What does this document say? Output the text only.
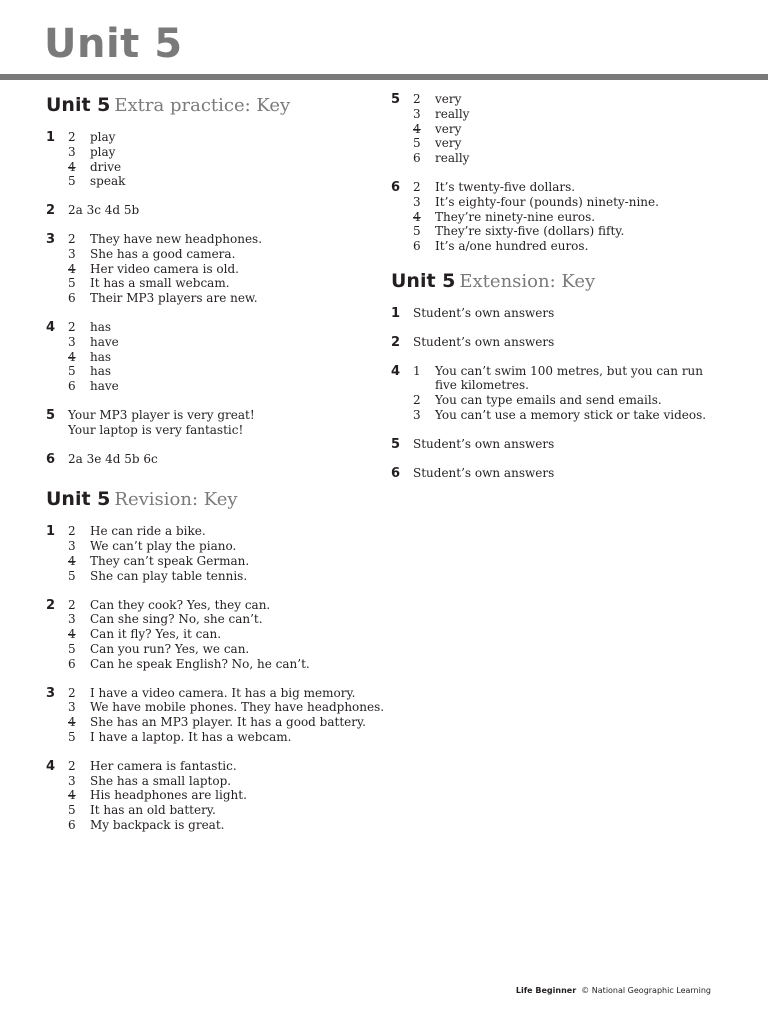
Unit 5
Unit 5 Extra practice: Key
1 2	play
3	play
4	drive
5	speak
2 2a 3c 4d 5b
3 2	They have new headphones.
3	She has a good camera.
4	Her video camera is old.
5	It has a small webcam.
6	Their MP3 players are new.
4 2	has
3	have
4	has
5	has
6	have
5 Your MP3 player is very great!
Your laptop is very fantastic!
6 2a 3e 4d 5b 6c
Unit 5 Revision: Key
1 2	He can ride a bike.
3	We can’t play the piano.
4	They can’t speak German.
5	She can play table tennis.
2 2	Can they cook? Yes, they can.
3	Can she sing? No, she can’t.
4	Can it fly? Yes, it can.
5	Can you run? Yes, we can.
6	Can he speak English? No, he can’t.
3 2	I have a video camera. It has a big memory.
3	We have mobile phones. They have headphones.
4	She has an MP3 player. It has a good battery.
5	I have a laptop. It has a webcam.
4 2	Her camera is fantastic.
3	She has a small laptop.
4	His headphones are light.
5	It has an old battery.
6	My backpack is great.
5 2	very
3	really
4	very
5	very
6	really
6 2	It’s twenty-five dollars.
3	It’s eighty-four (pounds) ninety-nine.
4	They’re ninety-nine euros.
5	They’re sixty-five (dollars) fifty.
6	It’s a/one hundred euros.
Unit 5 Extension: Key
1 Student’s own answers
2 Student’s own answers
4 1	You can’t swim 100 metres, but you can run five kilometres.
2	You can type emails and send emails.
3	You can’t use a memory stick or take videos.
5 Student’s own answers
6 Student’s own answers
Life Beginner © National Geographic Learning
